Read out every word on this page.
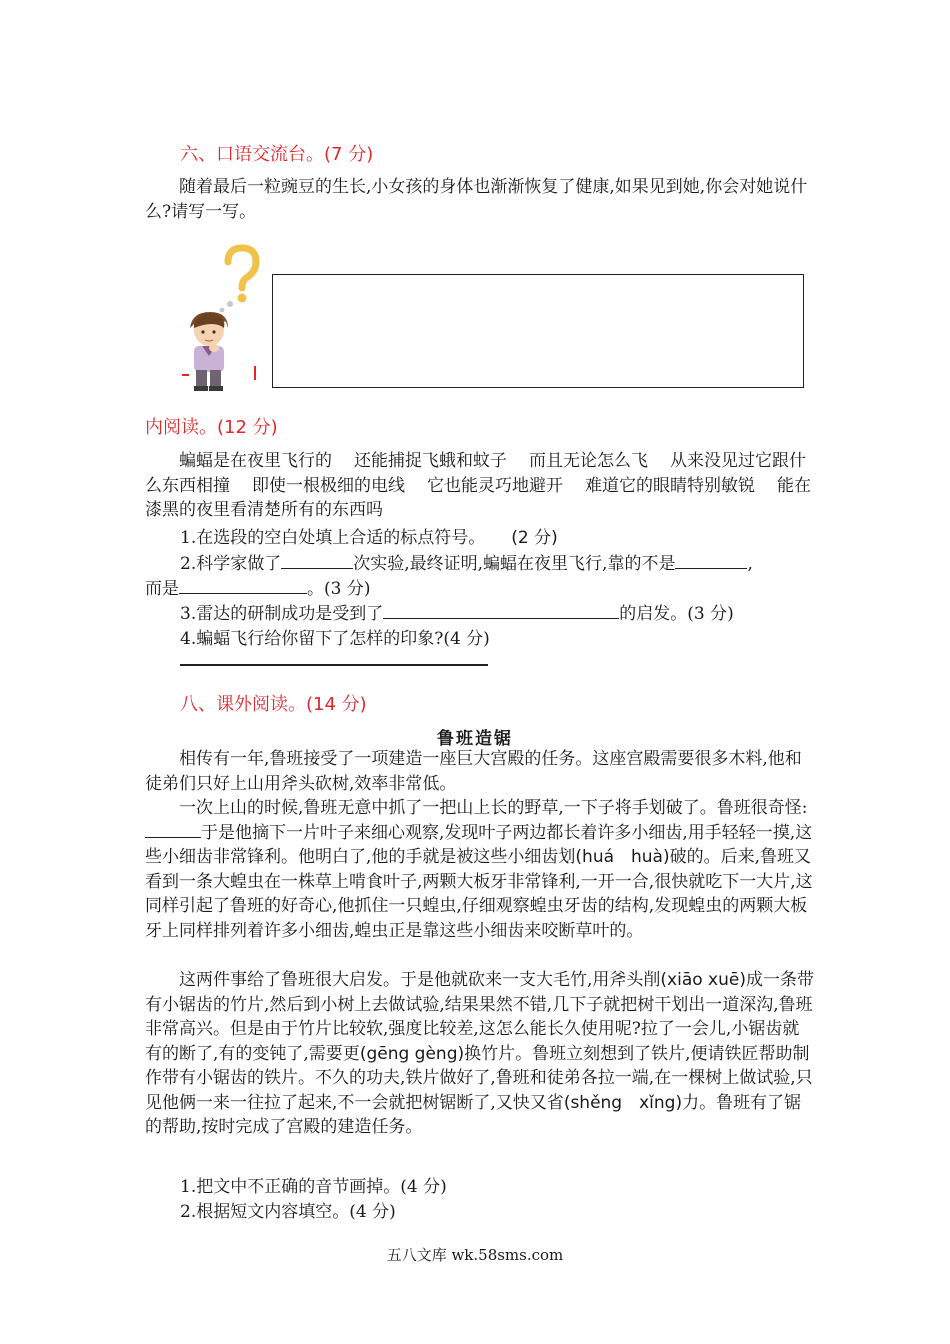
六、口语交流台。(7 分)
随着最后一粒豌豆的生长,小女孩的身体也渐渐恢复了健康,如果见到她,你会对她说什么?请写一写。
内阅读。(12 分)
蝙蝠是在夜里飞行的 还能捕捉飞蛾和蚊子 而且无论怎么飞 从来没见过它跟什么东西相撞 即使一根极细的电线 它也能灵巧地避开 难道它的眼睛特别敏锐 能在漆黑的夜里看清楚所有的东西吗
1.在选段的空白处填上合适的标点符号。 (2 分)
2.科学家做了	次实验,最终证明,蝙蝠在夜里飞行,靠的不是	,
而是	。(3 分)
3.雷达的研制成功是受到了	的启发。(3 分)
4.蝙蝠飞行给你留下了怎样的印象?(4 分)
八、课外阅读。(14 分)
鲁班造锯
相传有一年,鲁班接受了一项建造一座巨大宫殿的任务。这座宫殿需要很多木料,他和徒弟们只好上山用斧头砍树,效率非常低。
一次上山的时候,鲁班无意中抓了一把山上长的野草,一下子将手划破了。鲁班很奇怪:于是他摘下一片叶子来细心观察,发现叶子两边都长着许多小细齿,用手轻轻一摸,这些小细齿非常锋利。他明白了,他的手就是被这些小细齿划(huá　huà)破的。后来,鲁班又看到一条大蝗虫在一株草上啃食叶子,两颗大板牙非常锋利,一开一合,很快就吃下一大片,这同样引起了鲁班的好奇心,他抓住一只蝗虫,仔细观察蝗虫牙齿的结构,发现蝗虫的两颗大板牙上同样排列着许多小细齿,蝗虫正是靠这些小细齿来咬断草叶的。
这两件事给了鲁班很大启发。于是他就砍来一支大毛竹,用斧头削(xiāo xuē)成一条带有小锯齿的竹片,然后到小树上去做试验,结果果然不错,几下子就把树干划出一道深沟,鲁班非常高兴。但是由于竹片比较软,强度比较差,这怎么能长久使用呢?拉了一会儿,小锯齿就有的断了,有的变钝了,需要更(gēng gèng)换竹片。鲁班立刻想到了铁片,便请铁匠帮助制作带有小锯齿的铁片。不久的功夫,铁片做好了,鲁班和徒弟各拉一端,在一棵树上做试验,只见他俩一来一往拉了起来,不一会就把树锯断了,又快又省(shěng　xǐng)力。鲁班有了锯的帮助,按时完成了宫殿的建造任务。
1.把文中不正确的音节画掉。(4 分)
2.根据短文内容填空。(4 分)
五八文库 wk.58sms.com
